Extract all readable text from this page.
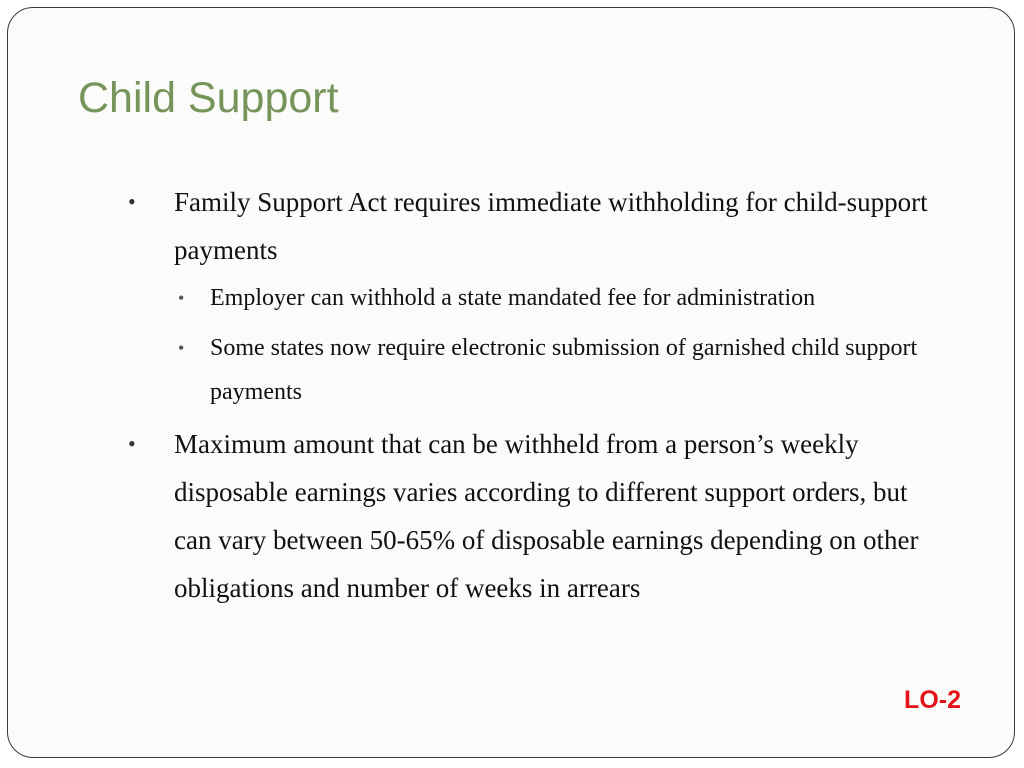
Child Support
• Family Support Act requires immediate withholding for child-support payments
• Employer can withhold a state mandated fee for administration
• Some states now require electronic submission of garnished child support payments
• Maximum amount that can be withheld from a person’s weekly disposable earnings varies according to different support orders, but can vary between 50-65% of disposable earnings depending on other obligations and number of weeks in arrears
LO-2
